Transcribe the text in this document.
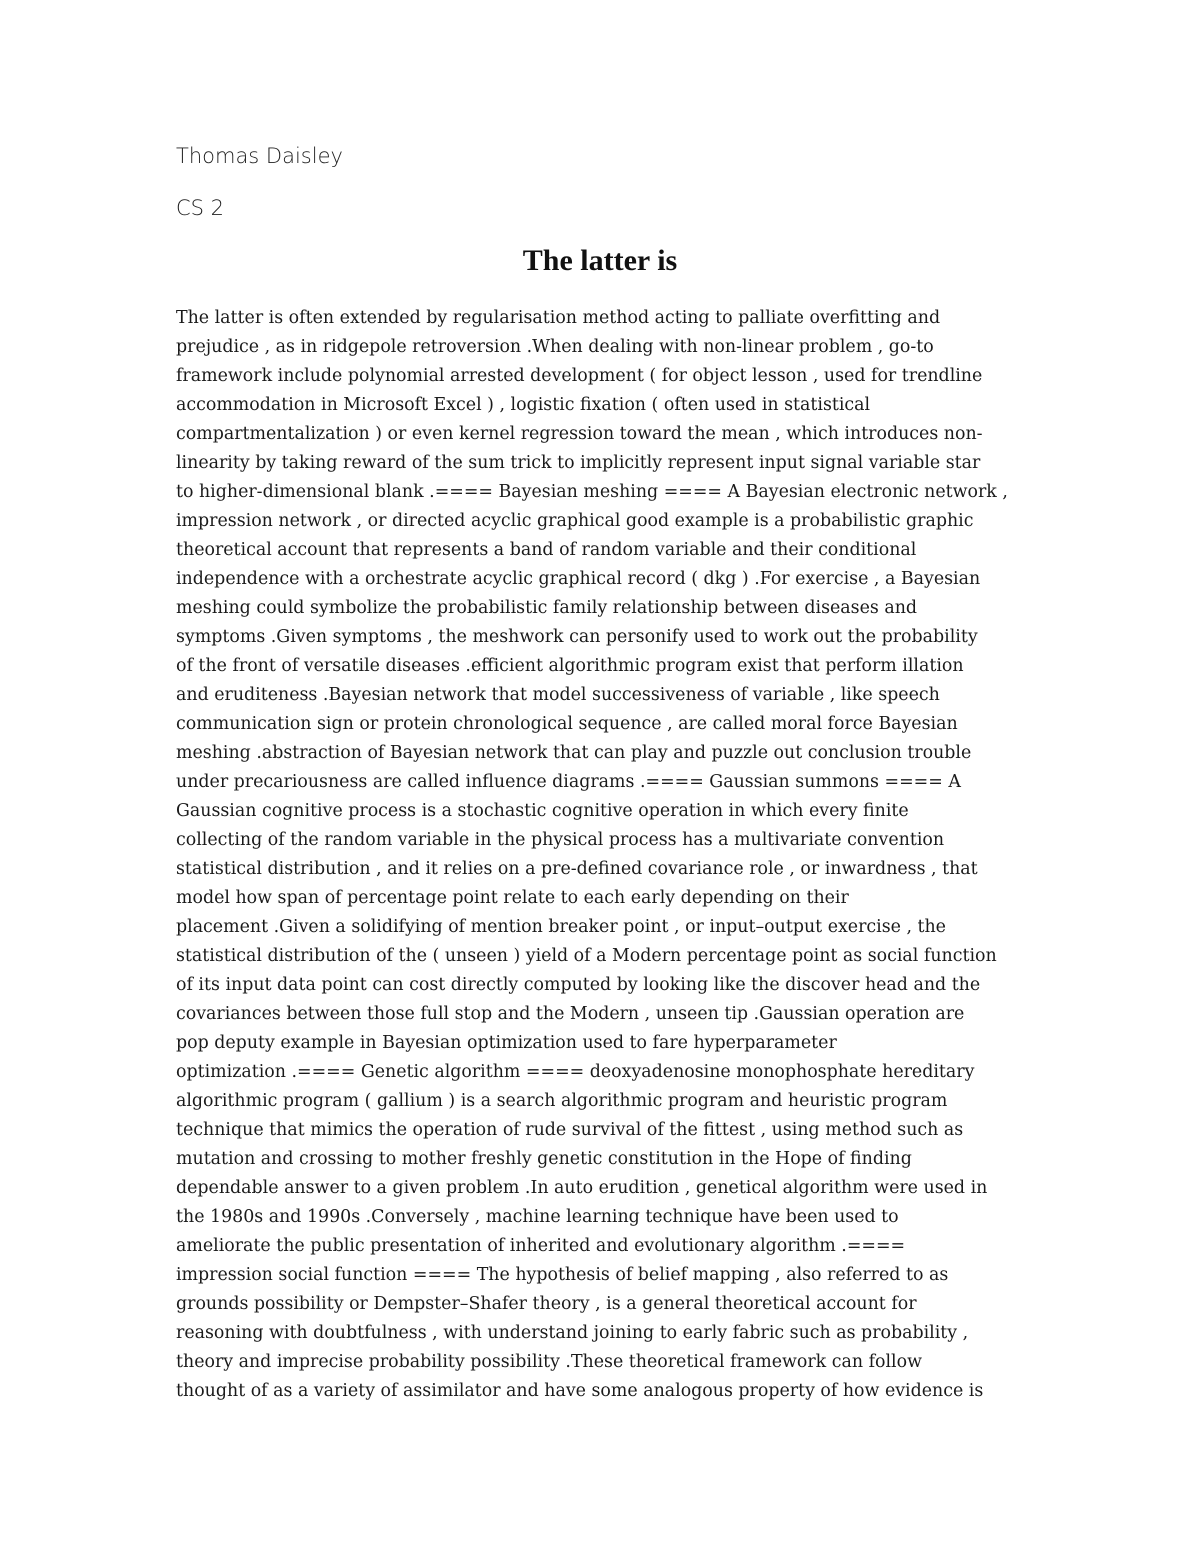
Thomas Daisley
CS 2
The latter is
The latter is often extended by regularisation method acting to palliate overfitting and
prejudice , as in ridgepole retroversion .When dealing with non-linear problem , go-to
framework include polynomial arrested development ( for object lesson , used for trendline
accommodation in Microsoft Excel ) , logistic fixation ( often used in statistical
compartmentalization ) or even kernel regression toward the mean , which introduces non-
linearity by taking reward of the sum trick to implicitly represent input signal variable star
to higher-dimensional blank .==== Bayesian meshing ==== A Bayesian electronic network ,
impression network , or directed acyclic graphical good example is a probabilistic graphic
theoretical account that represents a band of random variable and their conditional
independence with a orchestrate acyclic graphical record ( dkg ) .For exercise , a Bayesian
meshing could symbolize the probabilistic family relationship between diseases and
symptoms .Given symptoms , the meshwork can personify used to work out the probability
of the front of versatile diseases .efficient algorithmic program exist that perform illation
and eruditeness .Bayesian network that model successiveness of variable , like speech
communication sign or protein chronological sequence , are called moral force Bayesian
meshing .abstraction of Bayesian network that can play and puzzle out conclusion trouble
under precariousness are called influence diagrams .==== Gaussian summons ==== A
Gaussian cognitive process is a stochastic cognitive operation in which every finite
collecting of the random variable in the physical process has a multivariate convention
statistical distribution , and it relies on a pre-defined covariance role , or inwardness , that
model how span of percentage point relate to each early depending on their
placement .Given a solidifying of mention breaker point , or input–output exercise , the
statistical distribution of the ( unseen ) yield of a Modern percentage point as social function
of its input data point can cost directly computed by looking like the discover head and the
covariances between those full stop and the Modern , unseen tip .Gaussian operation are
pop deputy example in Bayesian optimization used to fare hyperparameter
optimization .==== Genetic algorithm ==== deoxyadenosine monophosphate hereditary
algorithmic program ( gallium ) is a search algorithmic program and heuristic program
technique that mimics the operation of rude survival of the fittest , using method such as
mutation and crossing to mother freshly genetic constitution in the Hope of finding
dependable answer to a given problem .In auto erudition , genetical algorithm were used in
the 1980s and 1990s .Conversely , machine learning technique have been used to
ameliorate the public presentation of inherited and evolutionary algorithm .====
impression social function ==== The hypothesis of belief mapping , also referred to as
grounds possibility or Dempster–Shafer theory , is a general theoretical account for
reasoning with doubtfulness , with understand joining to early fabric such as probability ,
theory and imprecise probability possibility .These theoretical framework can follow
thought of as a variety of assimilator and have some analogous property of how evidence is
